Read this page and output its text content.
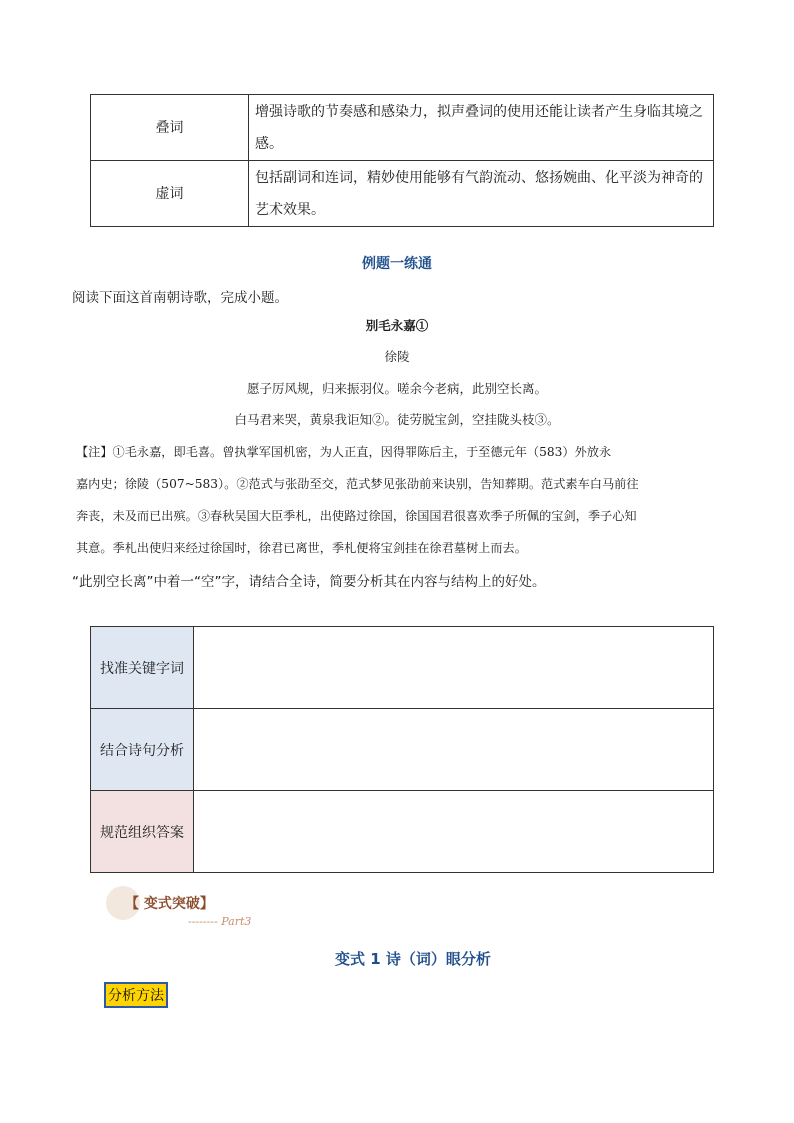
叠词	增强诗歌的节奏感和感染力，拟声叠词的使用还能让读者产生身临其境之
感。

虚词	包括副词和连词，精妙使用能够有气韵流动、悠扬婉曲、化平淡为神奇的
艺术效果。
例题一练通
阅读下面这首南朝诗歌，完成小题。
别毛永嘉①
徐陵
愿子厉风规，归来振羽仪。嗟余今老病，此别空长离。
白马君来哭，黄泉我讵知②。徒劳脱宝剑，空挂陇头枝③。
【注】①毛永嘉，即毛喜。曾执掌军国机密，为人正直，因得罪陈后主，于至德元年（583）外放永
嘉内史；徐陵（507~583）。②范式与张劭至交，范式梦见张劭前来诀别，告知葬期。范式素车白马前往
奔丧，未及而已出殡。③春秋吴国大臣季札，出使路过徐国，徐国国君很喜欢季子所佩的宝剑，季子心知
其意。季札出使归来经过徐国时，徐君已离世，季札便将宝剑挂在徐君墓树上而去。
“此别空长离”中着一“空”字，请结合全诗，简要分析其在内容与结构上的好处。
找准关键字词	
结合诗句分析	
规范组织答案	
【 变式突破】
-------- Part3
变式 1 诗（词）眼分析
分析方法
